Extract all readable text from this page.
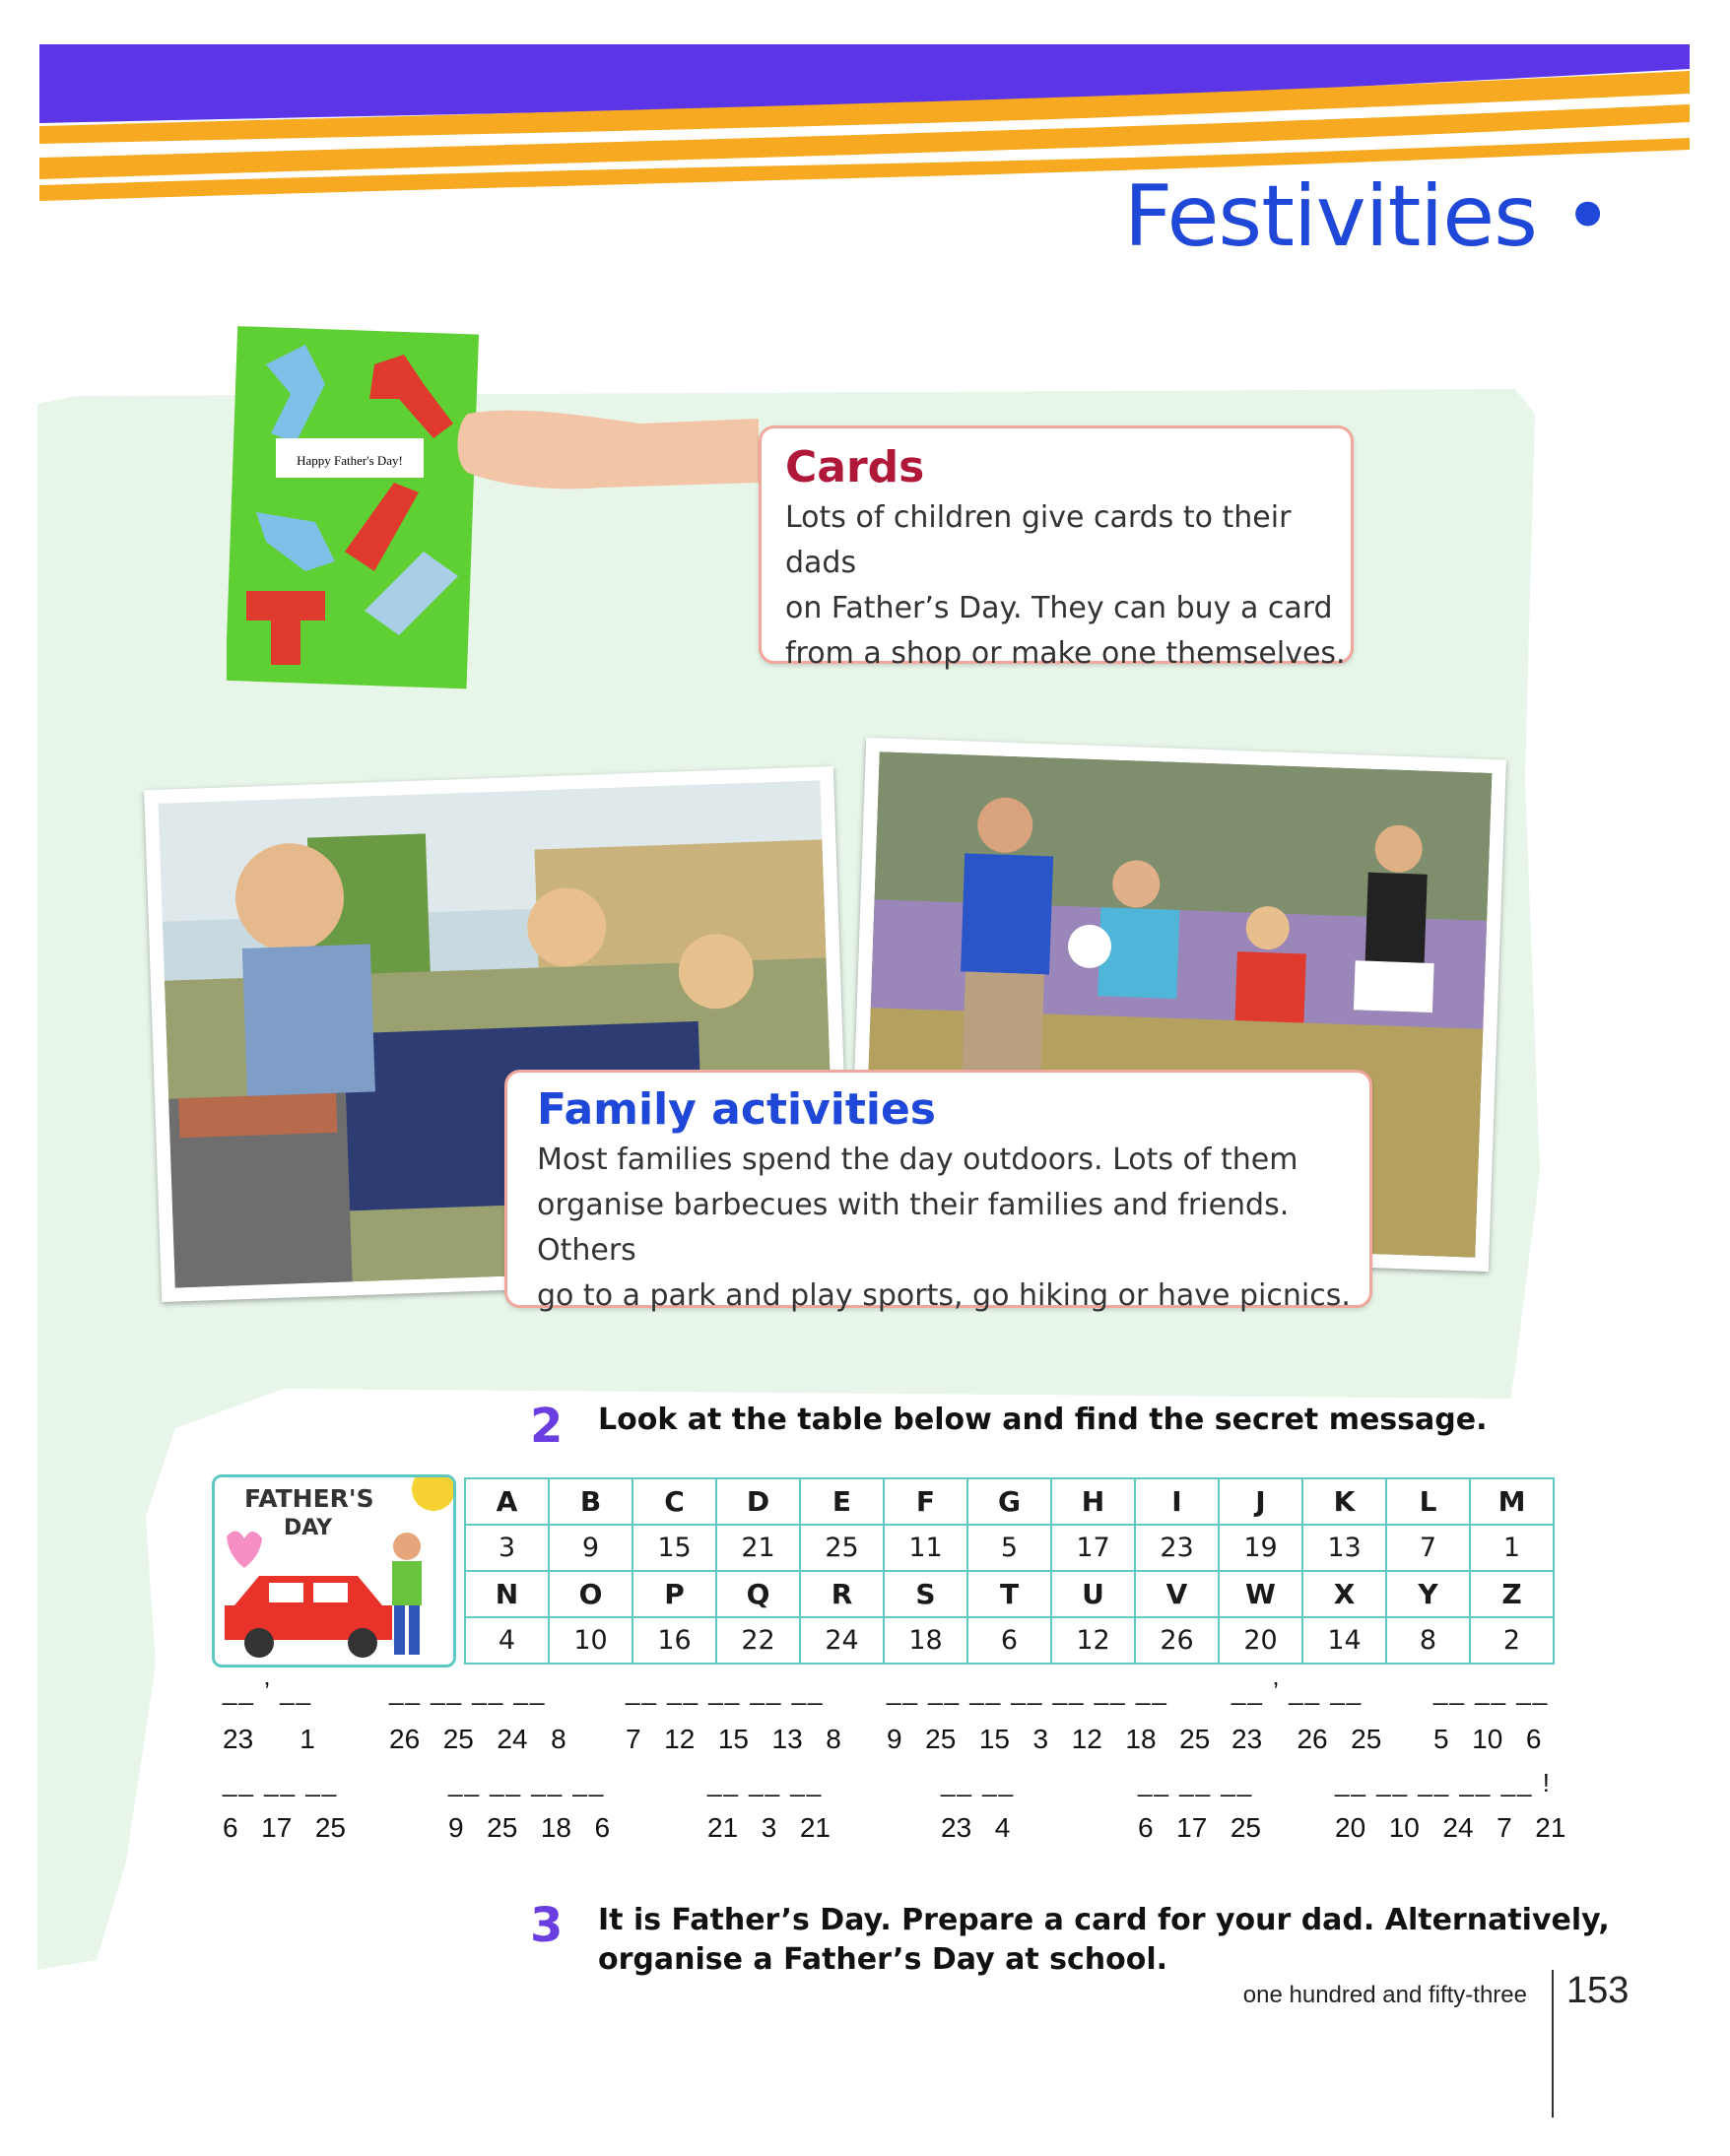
Festivities •
Happy Father's Day!	Cards
Lots of children give cards to their dads
on Father’s Day. They can buy a card
from a shop or make one themselves.
Family activities
Most families spend the day outdoors. Lots of them
organise barbecues with their families and friends. Others
go to a park and play sports, go hiking or have picnics.
2 Look at the table below and find the secret message.
FATHER'S
DAY
A	B	C	D	E	F	G	H	I	J	K	L	M
3	9	15	21	25	11	5	17	23	19	13	7	1
N	O	P	Q	R	S	T	U	V	W	X	Y	Z
4	10	16	22	24	18	6	12	26	20	14	8	2
__ ’ __
23    1
__ __ __ __
26  25  24  8
__ __ __ __ __
7  12  15  13  8
__ __ __ __ __ __ __
9  25  15  3  12  18  25
__ ’ __ __
23   26  25
__ __ __
5  10  6
__ __ __
6  17  25
__ __ __ __
9  25  18  6
__ __ __
21  3  21
__ __
23  4
__ __ __
6  17  25
__ __ __ __ __ !
20  10  24  7  21
3 It is Father’s Day. Prepare a card for your dad. Alternatively,
organise a Father’s Day at school.
one hundred and fifty-three 153
